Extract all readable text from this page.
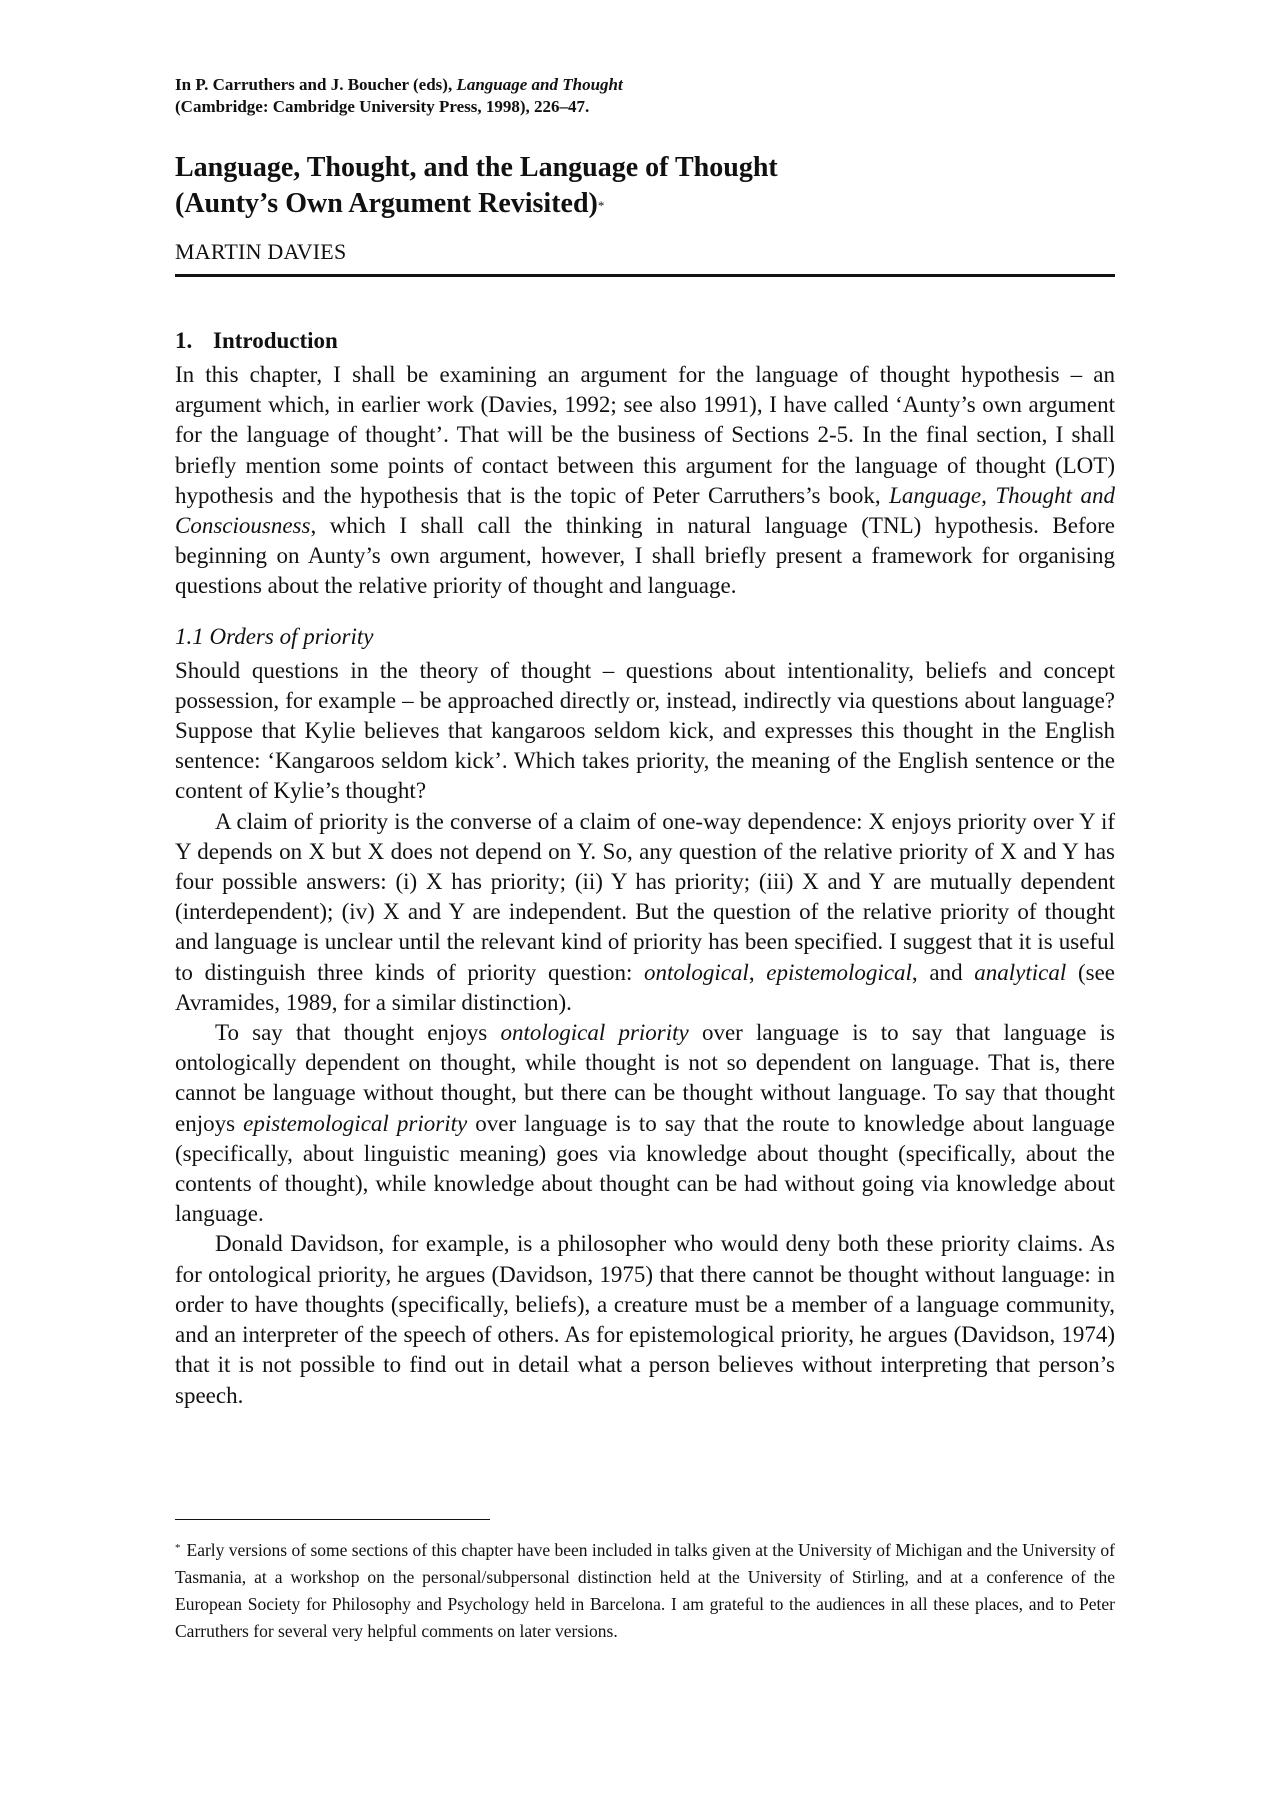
In P. Carruthers and J. Boucher (eds), Language and Thought
(Cambridge: Cambridge University Press, 1998), 226–47.
Language, Thought, and the Language of Thought
(Aunty’s Own Argument Revisited)*
MARTIN DAVIES
1. Introduction

In this chapter, I shall be examining an argument for the language of thought hypothesis – an argument which, in earlier work (Davies, 1992; see also 1991), I have called ‘Aunty’s own argument for the language of thought’. That will be the business of Sections 2-5. In the final section, I shall briefly mention some points of contact between this argument for the language of thought (LOT) hypothesis and the hypothesis that is the topic of Peter Carruthers’s book, Language, Thought and Consciousness, which I shall call the thinking in natural language (TNL) hypothesis. Before beginning on Aunty’s own argument, however, I shall briefly present a framework for organising questions about the relative priority of thought and language.

1.1 Orders of priority

Should questions in the theory of thought – questions about intentionality, beliefs and concept possession, for example – be approached directly or, instead, indirectly via questions about language? Suppose that Kylie believes that kangaroos seldom kick, and expresses this thought in the English sentence: ‘Kangaroos seldom kick’. Which takes priority, the meaning of the English sentence or the content of Kylie’s thought?

A claim of priority is the converse of a claim of one-way dependence: X enjoys priority over Y if Y depends on X but X does not depend on Y. So, any question of the relative priority of X and Y has four possible answers: (i) X has priority; (ii) Y has priority; (iii) X and Y are mutually dependent (interdependent); (iv) X and Y are independent. But the question of the relative priority of thought and language is unclear until the relevant kind of priority has been specified. I suggest that it is useful to distinguish three kinds of priority question: ontological, epistemological, and analytical (see Avramides, 1989, for a similar distinction).

To say that thought enjoys ontological priority over language is to say that language is ontologically dependent on thought, while thought is not so dependent on language. That is, there cannot be language without thought, but there can be thought without language. To say that thought enjoys epistemological priority over language is to say that the route to knowledge about language (specifically, about linguistic meaning) goes via knowledge about thought (specifically, about the contents of thought), while knowledge about thought can be had without going via knowledge about language.

Donald Davidson, for example, is a philosopher who would deny both these priority claims. As for ontological priority, he argues (Davidson, 1975) that there cannot be thought without language: in order to have thoughts (specifically, beliefs), a creature must be a member of a language community, and an interpreter of the speech of others. As for epistemological priority, he argues (Davidson, 1974) that it is not possible to find out in detail what a person believes without interpreting that person’s speech.

* Early versions of some sections of this chapter have been included in talks given at the University of Michigan and the University of Tasmania, at a workshop on the personal/subpersonal distinction held at the University of Stirling, and at a conference of the European Society for Philosophy and Psychology held in Barcelona. I am grateful to the audiences in all these places, and to Peter Carruthers for several very helpful comments on later versions.
